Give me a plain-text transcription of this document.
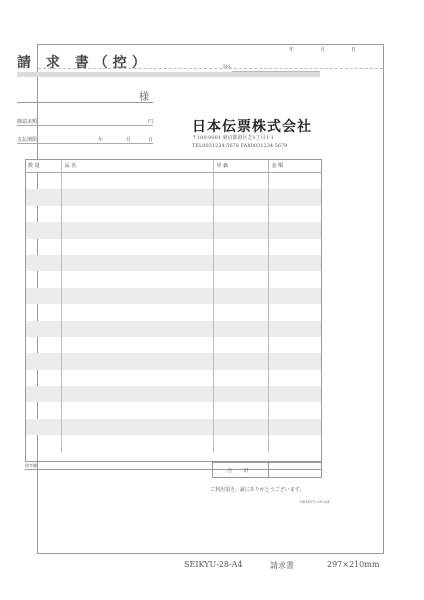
請 求 書（控）
年	月	日
No.
様
御請求額	円
支払期限	年	月	日
日本伝票株式会社
〒100-0001 東京都港区芝1丁目1-1
TEL0031234-5678 FAX0031234-5679
数 量	品 名	単 価	金 額

備考欄
合 計
ご利用頂き、誠にありがとうございます。
SEIKYU-28-A4
SEIKYU-28-A4	請求書	297×210mm
